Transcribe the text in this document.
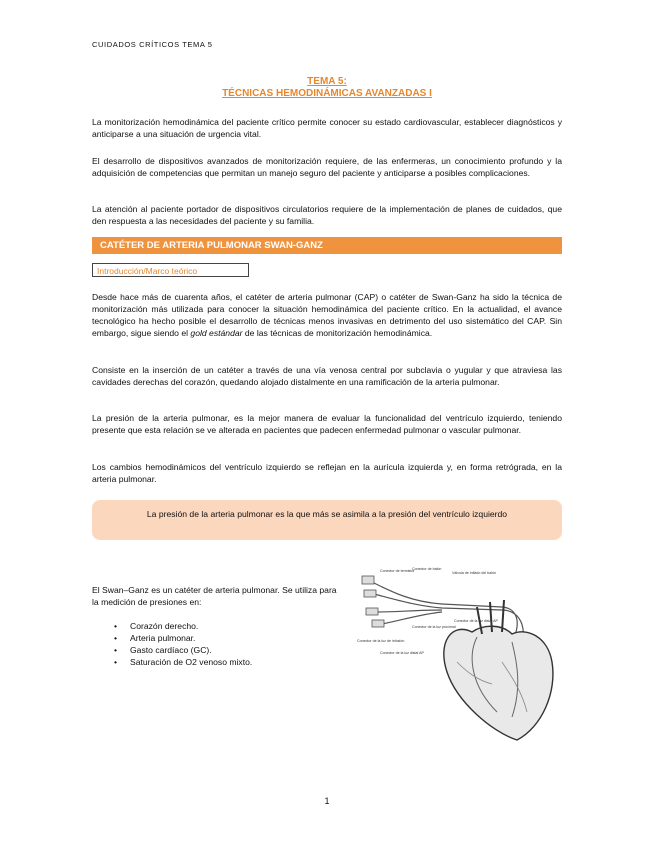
CUIDADOS CRÍTICOS TEMA 5
TEMA 5:
TÉCNICAS HEMODINÁMICAS AVANZADAS I

La monitorización hemodinámica del paciente crítico permite conocer su estado cardiovascular, establecer diagnósticos y anticiparse a una situación de urgencia vital.

El desarrollo de dispositivos avanzados de monitorización requiere, de las enfermeras, un conocimiento profundo y la adquisición de competencias que permitan un manejo seguro del paciente y anticiparse a posibles complicaciones.

La atención al paciente portador de dispositivos circulatorios requiere de la implementación de planes de cuidados, que den respuesta a las necesidades del paciente y su familia.

CATÉTER DE ARTERIA PULMONAR SWAN-GANZ
Introducción/Marco teórico

Desde hace más de cuarenta años, el catéter de arteria pulmonar (CAP) o catéter de Swan-Ganz ha sido la técnica de monitorización más utilizada para conocer la situación hemodinámica del paciente crítico. En la actualidad, el avance tecnológico ha hecho posible el desarrollo de técnicas menos invasivas en detrimento del uso sistemático del CAP. Sin embargo, sigue siendo el gold estándar de las técnicas de monitorización hemodinámica.

Consiste en la inserción de un catéter a través de una vía venosa central por subclavia o yugular y que atraviesa las cavidades derechas del corazón, quedando alojado distalmente en una ramificación de la arteria pulmonar.

La presión de la arteria pulmonar, es la mejor manera de evaluar la funcionalidad del ventrículo izquierdo, teniendo presente que esta relación se ve alterada en pacientes que padecen enfermedad pulmonar o vascular pulmonar.

Los cambios hemodinámicos del ventrículo izquierdo se reflejan en la aurícula izquierda y, en forma retrógrada, en la arteria pulmonar.

La presión de la arteria pulmonar es la que más se asimila a la presión del ventrículo izquierdo

El Swan–Ganz es un catéter de arteria pulmonar. Se utiliza para la medición de presiones en:

• Corazón derecho.
• Arteria pulmonar.
• Gasto cardíaco (GC).
• Saturación de O2 venoso mixto.
Conector de termistor
Conector de balón
Válvula de inflado del balón
Conector de la luz distal AP
Conector de la luz proximal
Conector de la luz de infusión
Conector de la luz distal AP
1
